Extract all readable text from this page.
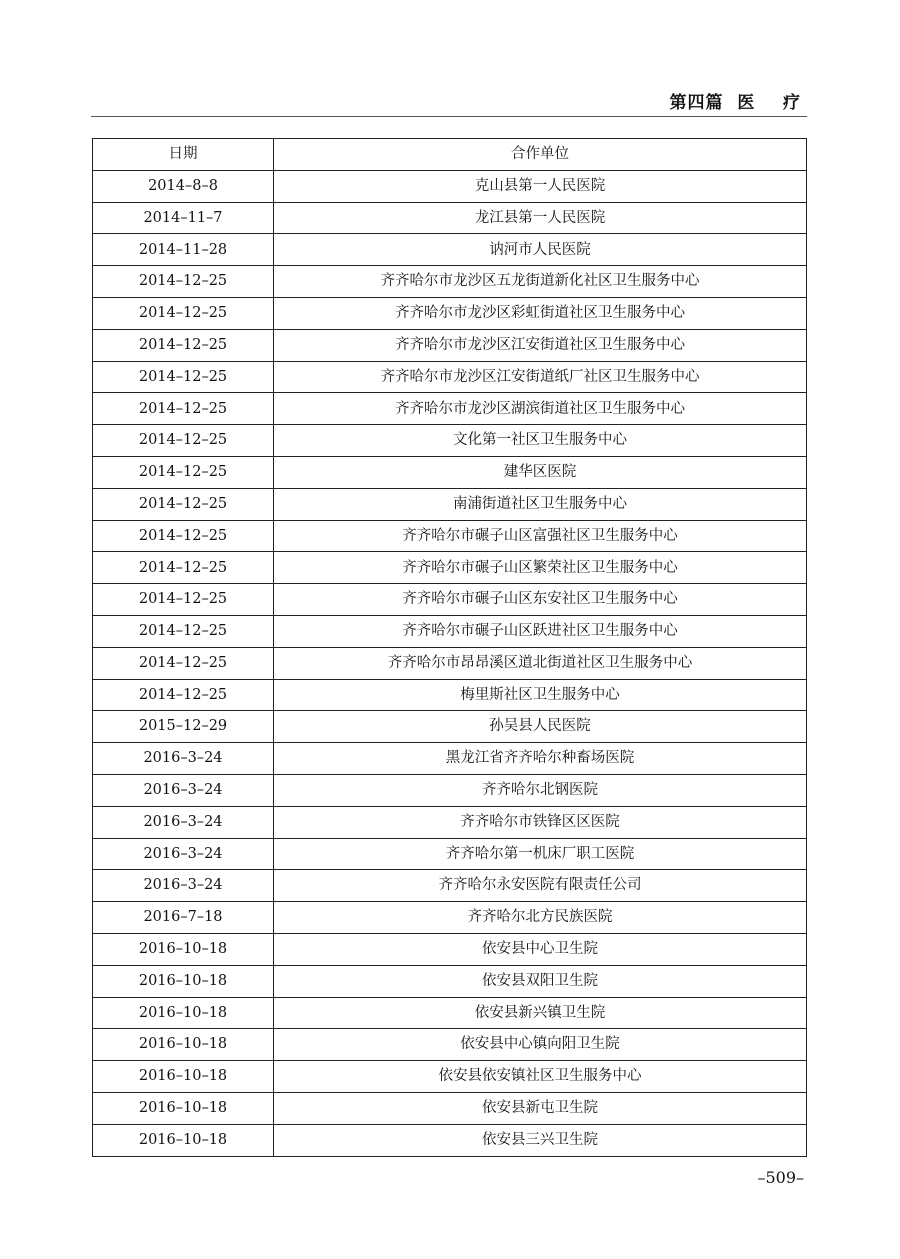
第四篇  医    疗
日期	合作单位
2014–8–8	克山县第一人民医院
2014–11–7	龙江县第一人民医院
2014–11–28	讷河市人民医院
2014–12–25	齐齐哈尔市龙沙区五龙街道新化社区卫生服务中心
2014–12–25	齐齐哈尔市龙沙区彩虹街道社区卫生服务中心
2014–12–25	齐齐哈尔市龙沙区江安街道社区卫生服务中心
2014–12–25	齐齐哈尔市龙沙区江安街道纸厂社区卫生服务中心
2014–12–25	齐齐哈尔市龙沙区湖滨街道社区卫生服务中心
2014–12–25	文化第一社区卫生服务中心
2014–12–25	建华区医院
2014–12–25	南浦街道社区卫生服务中心
2014–12–25	齐齐哈尔市碾子山区富强社区卫生服务中心
2014–12–25	齐齐哈尔市碾子山区繁荣社区卫生服务中心
2014–12–25	齐齐哈尔市碾子山区东安社区卫生服务中心
2014–12–25	齐齐哈尔市碾子山区跃进社区卫生服务中心
2014–12–25	齐齐哈尔市昂昂溪区道北街道社区卫生服务中心
2014–12–25	梅里斯社区卫生服务中心
2015–12–29	孙吴县人民医院
2016–3–24	黑龙江省齐齐哈尔种畜场医院
2016–3–24	齐齐哈尔北钢医院
2016–3–24	齐齐哈尔市铁锋区区医院
2016–3–24	齐齐哈尔第一机床厂职工医院
2016–3–24	齐齐哈尔永安医院有限责任公司
2016–7–18	齐齐哈尔北方民族医院
2016–10–18	依安县中心卫生院
2016–10–18	依安县双阳卫生院
2016–10–18	依安县新兴镇卫生院
2016–10–18	依安县中心镇向阳卫生院
2016–10–18	依安县依安镇社区卫生服务中心
2016–10–18	依安县新屯卫生院
2016–10–18	依安县三兴卫生院
–509–
